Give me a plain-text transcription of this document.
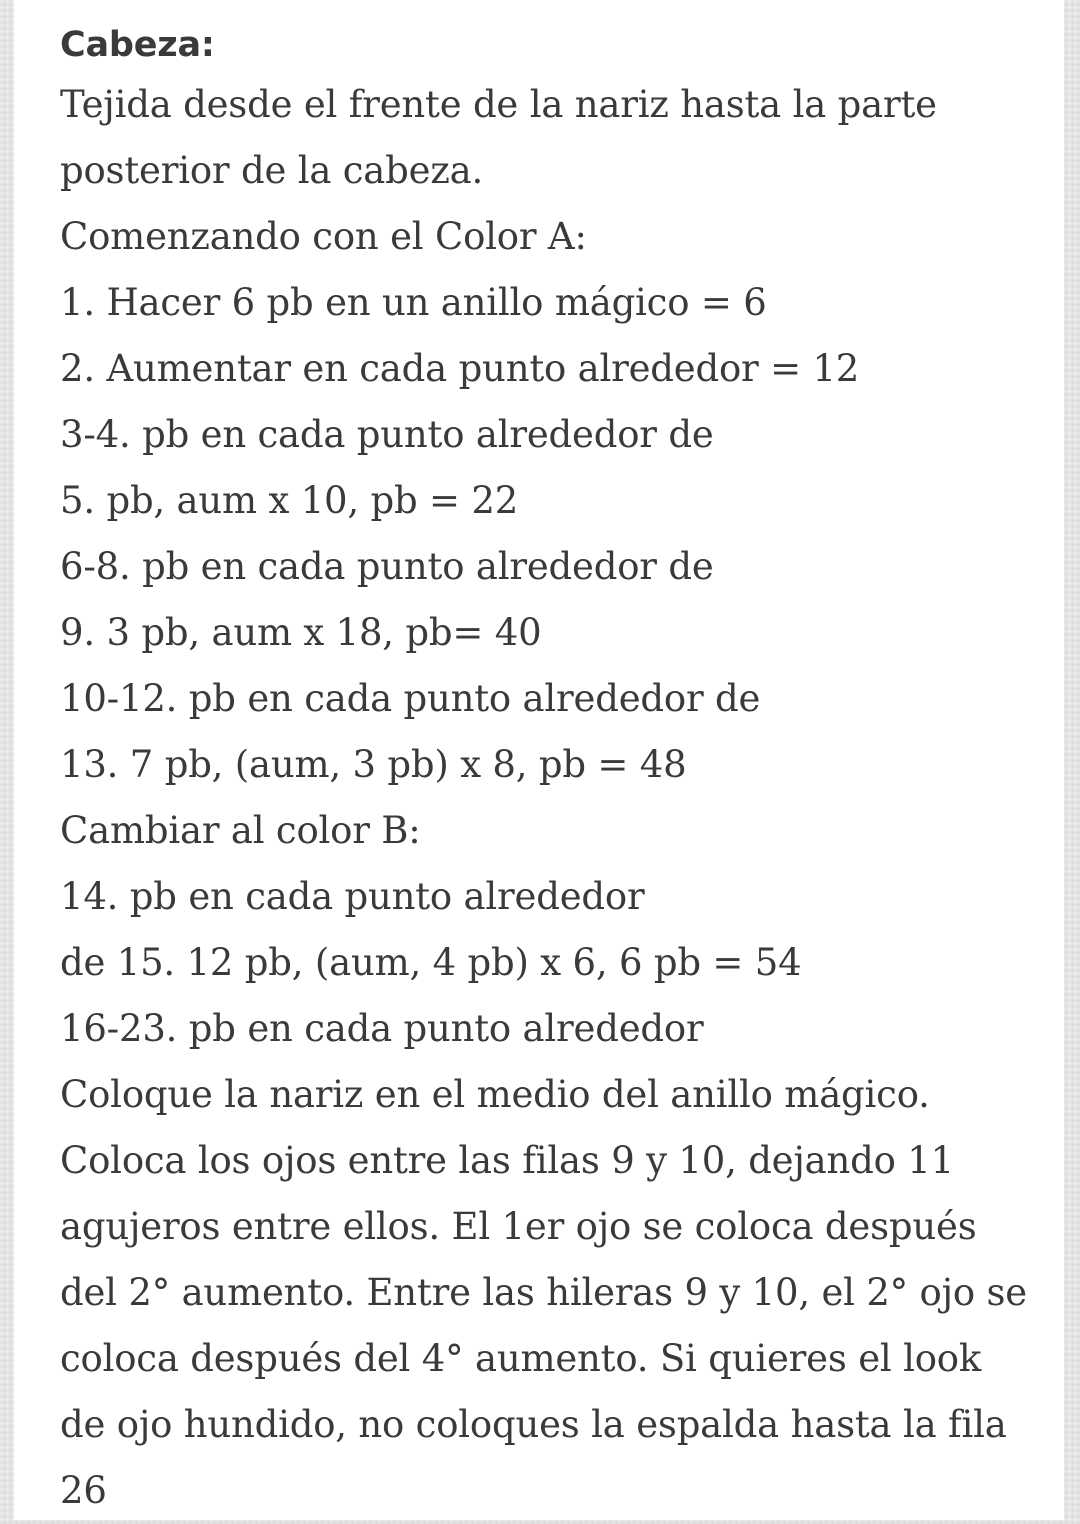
Cabeza:
Tejida desde el frente de la nariz hasta la parte
posterior de la cabeza.
Comenzando con el Color A:
1. Hacer 6 pb en un anillo mágico = 6
2. Aumentar en cada punto alrededor = 12
3-4. pb en cada punto alrededor de
5. pb, aum x 10, pb = 22
6-8. pb en cada punto alrededor de
9. 3 pb, aum x 18, pb= 40
10-12. pb en cada punto alrededor de
13. 7 pb, (aum, 3 pb) x 8, pb = 48
Cambiar al color B:
14. pb en cada punto alrededor
de 15. 12 pb, (aum, 4 pb) x 6, 6 pb = 54
16-23. pb en cada punto alrededor
Coloque la nariz en el medio del anillo mágico.
Coloca los ojos entre las filas 9 y 10, dejando 11
agujeros entre ellos. El 1er ojo se coloca después
del 2° aumento. Entre las hileras 9 y 10, el 2° ojo se
coloca después del 4° aumento. Si quieres el look
de ojo hundido, no coloques la espalda hasta la fila
26
